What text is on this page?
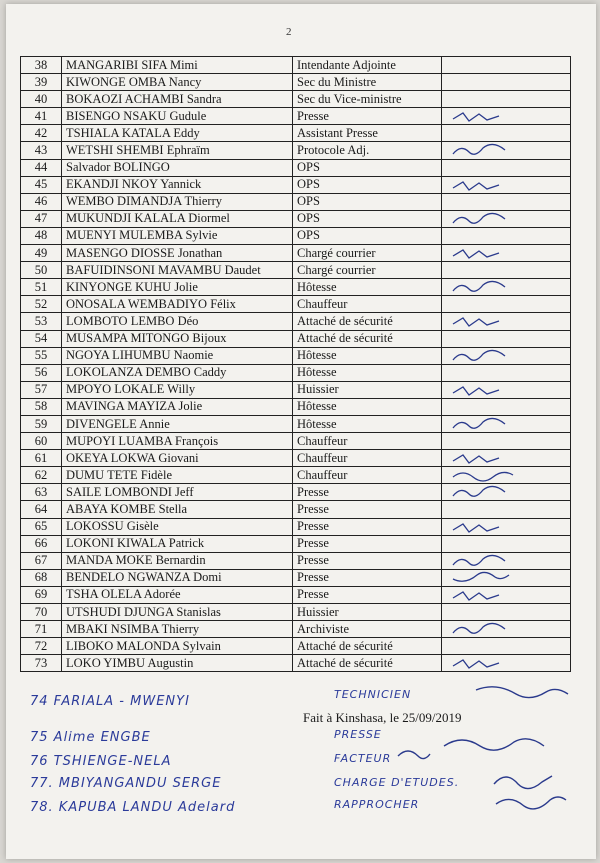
2
38	MANGARIBI SIFA Mimi	Intendante Adjointe	
39	KIWONGE OMBA Nancy	Sec du Ministre	
40	BOKAOZI ACHAMBI Sandra	Sec du Vice-ministre	
41	BISENGO NSAKU Gudule	Presse	

42	TSHIALA KATALA Eddy	Assistant Presse	
43	WETSHI SHEMBI Ephraïm	Protocole Adj.	

44	Salvador BOLINGO	OPS	
45	EKANDJI NKOY Yannick	OPS	

46	WEMBO DIMANDJA Thierry	OPS	
47	MUKUNDJI KALALA Diormel	OPS	

48	MUENYI MULEMBA Sylvie	OPS	
49	MASENGO DIOSSE Jonathan	Chargé courrier	

50	BAFUIDINSONI MAVAMBU Daudet	Chargé courrier	
51	KINYONGE KUHU Jolie	Hôtesse	

52	ONOSALA WEMBADIYO Félix	Chauffeur	
53	LOMBOTO LEMBO Déo	Attaché de sécurité	

54	MUSAMPA MITONGO Bijoux	Attaché de sécurité	
55	NGOYA LIHUMBU Naomie	Hôtesse	

56	LOKOLANZA DEMBO Caddy	Hôtesse	
57	MPOYO LOKALE Willy	Huissier	

58	MAVINGA MAYIZA Jolie	Hôtesse	
59	DIVENGELE Annie	Hôtesse	

60	MUPOYI LUAMBA François	Chauffeur	
61	OKEYA LOKWA Giovani	Chauffeur	

62	DUMU TETE Fidèle	Chauffeur	

63	SAILE LOMBONDI Jeff	Presse	

64	ABAYA KOMBE Stella	Presse	
65	LOKOSSU Gisèle	Presse	

66	LOKONI KIWALA Patrick	Presse	
67	MANDA MOKE Bernardin	Presse	

68	BENDELO NGWANZA Domi	Presse	

69	TSHA OLELA Adorée	Presse	

70	UTSHUDI DJUNGA Stanislas	Huissier	
71	MBAKI NSIMBA Thierry	Archiviste	

72	LIBOKO MALONDA Sylvain	Attaché de sécurité	
73	LOKO YIMBU Augustin	Attaché de sécurité	
Fait à Kinshasa, le 25/09/2019
74 FARIALA - MWENYI	TECHNICIEN
75 Alime ENGBE	PRESSE
76 TSHIENGE-NELA	FACTEUR
77. MBIYANGANDU SERGE	CHARGE D'ETUDES.
78. KAPUBA LANDU Adelard	RAPPROCHER
